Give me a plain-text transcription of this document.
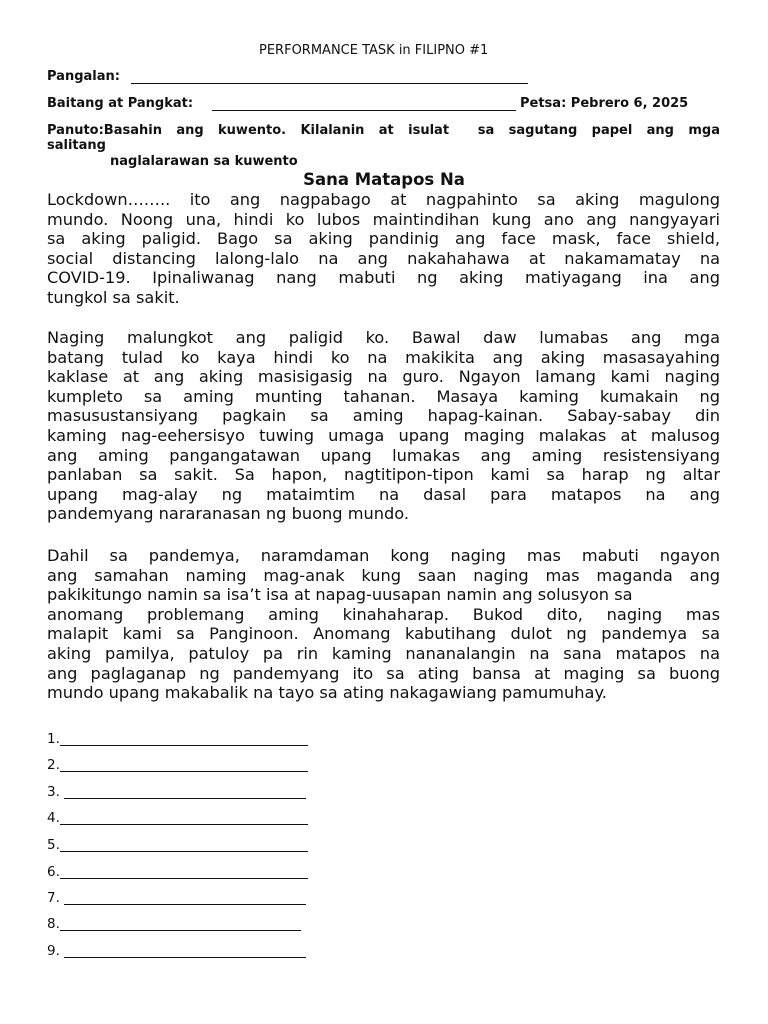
PERFORMANCE TASK in FILIPNO #1
Pangalan:
Baitang at Pangkat:	Petsa: Pebrero 6, 2025
Panuto:Basahin ang kuwento. Kilalanin at isulat  sa sagutang papel ang mga
salitang
naglalarawan sa kuwento
Sana Matapos Na
Lockdown…….. ito ang nagpabago at nagpahinto sa aking magulong
mundo. Noong una, hindi ko lubos maintindihan kung ano ang nangyayari
sa aking paligid. Bago sa aking pandinig ang face mask, face shield,
social distancing lalong-lalo na ang nakahahawa at nakamamatay na
COVID-19. Ipinaliwanag nang mabuti ng aking matiyagang ina ang
tungkol sa sakit.
Naging malungkot ang paligid ko. Bawal daw lumabas ang mga
batang tulad ko kaya hindi ko na makikita ang aking masasayahing
kaklase at ang aking masisigasig na guro. Ngayon lamang kami naging
kumpleto sa aming munting tahanan. Masaya kaming kumakain ng
masusustansiyang pagkain sa aming hapag-kainan. Sabay-sabay din
kaming nag-eehersisyo tuwing umaga upang maging malakas at malusog
ang aming pangangatawan upang lumakas ang aming resistensiyang
panlaban sa sakit. Sa hapon, nagtitipon-tipon kami sa harap ng altar
upang mag-alay ng mataimtim na dasal para matapos na ang
pandemyang nararanasan ng buong mundo.
Dahil sa pandemya, naramdaman kong naging mas mabuti ngayon
ang samahan naming mag-anak kung saan naging mas maganda ang
pakikitungo namin sa isa’t isa at napag-uusapan namin ang solusyon sa
anomang problemang aming kinahaharap. Bukod dito, naging mas
malapit kami sa Panginoon. Anomang kabutihang dulot ng pandemya sa
aking pamilya, patuloy pa rin kaming nananalangin na sana matapos na
ang paglaganap ng pandemyang ito sa ating bansa at maging sa buong
mundo upang makabalik na tayo sa ating nakagawiang pamumuhay.
1.
2.
3.
4.
5.
6.
7.
8.
9.
